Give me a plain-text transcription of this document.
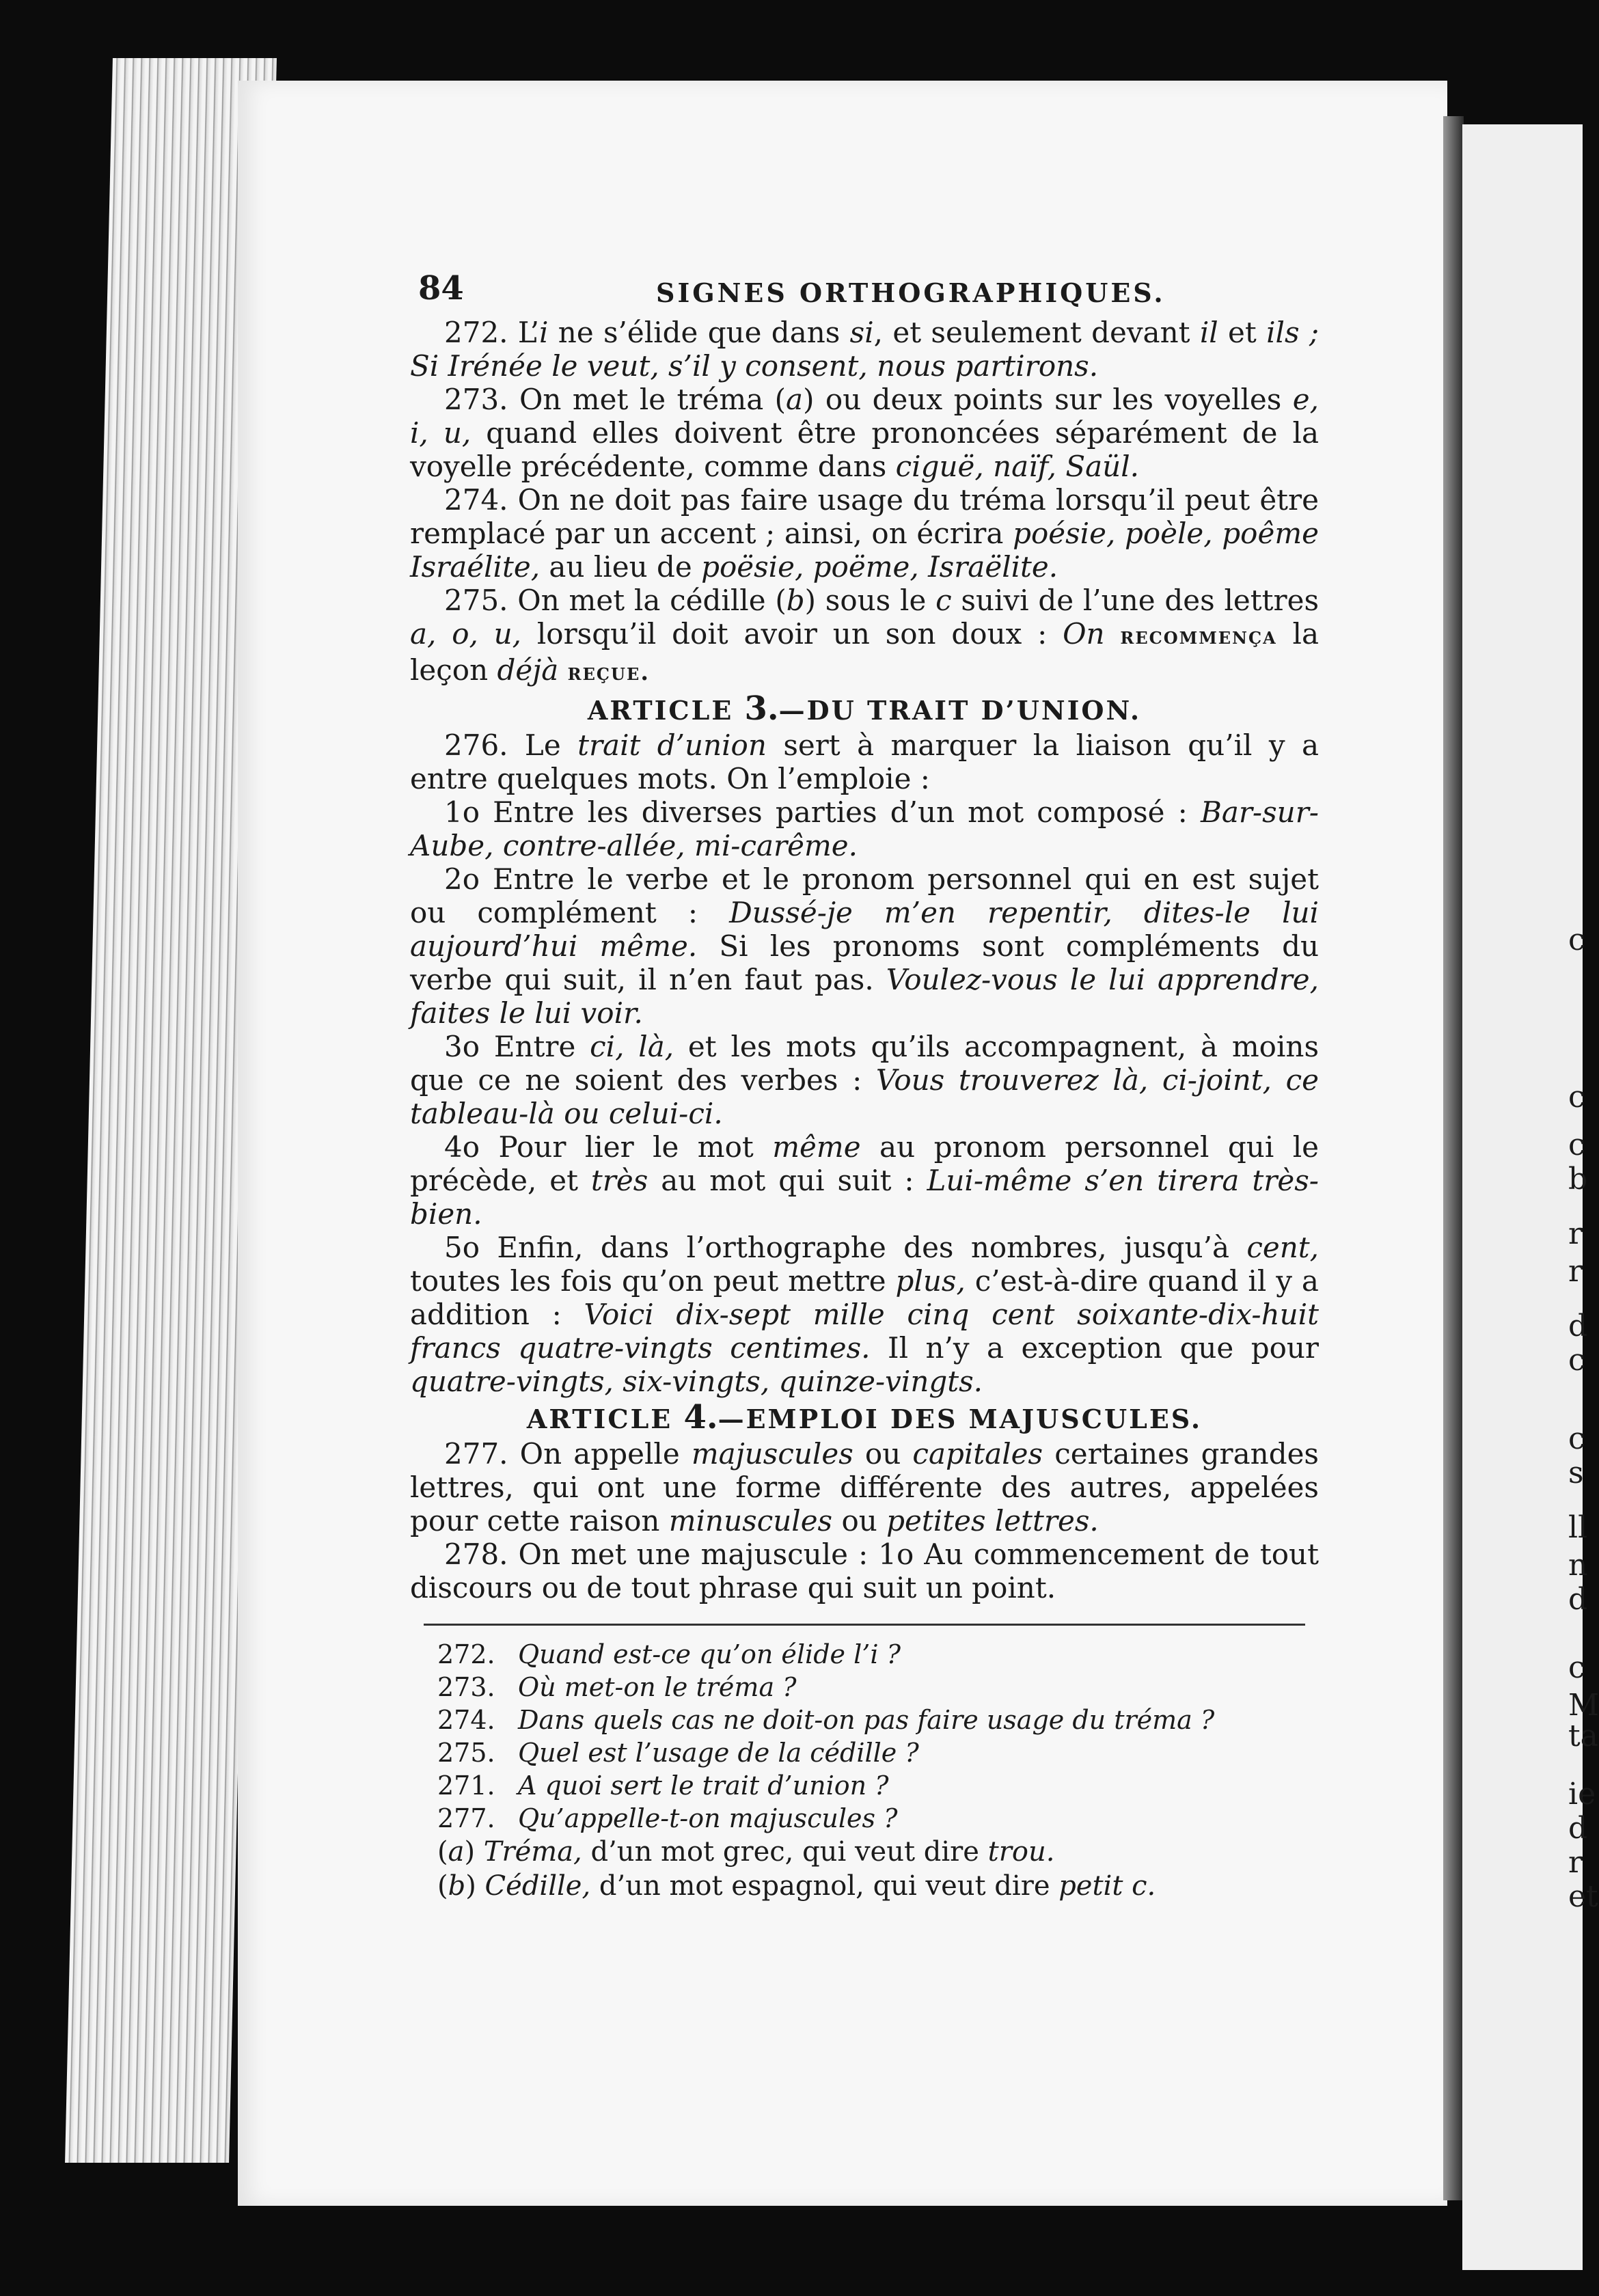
c
c
c
b
r
r
d
c
c
s
ll
n
d
c
M
ta
ie
d
r
et
84	SIGNES ORTHOGRAPHIQUES.

272. L’i ne s’élide que dans si, et seulement devant il et ils ; Si Irénée le veut, s’il y consent, nous partirons.

273. On met le tréma (a) ou deux points sur les voyelles e, i, u, quand elles doivent être prononcées séparément de la voyelle précédente, comme dans ciguë, naïf, Saül.

274. On ne doit pas faire usage du tréma lorsqu’il peut être remplacé par un accent ; ainsi, on écrira poésie, poèle, poême Israélite, au lieu de poësie, poëme, Israëlite.

275. On met la cédille (b) sous le c suivi de l’une des lettres a, o, u, lorsqu’il doit avoir un son doux : On recommença la leçon déjà reçue.

ARTICLE 3.—DU TRAIT D’UNION.

276. Le trait d’union sert à marquer la liaison qu’il y a entre quelques mots. On l’emploie :

1o Entre les diverses parties d’un mot composé : Bar-sur-Aube, contre-allée, mi-carême.

2o Entre le verbe et le pronom personnel qui en est sujet ou complément : Dussé-je m’en repentir, dites-le lui aujourd’hui même. Si les pronoms sont compléments du verbe qui suit, il n’en faut pas. Voulez-vous le lui apprendre, faites le lui voir.

3o Entre ci, là, et les mots qu’ils accompagnent, à moins que ce ne soient des verbes : Vous trouverez là, ci-joint, ce tableau-là ou celui-ci.

4o Pour lier le mot même au pronom personnel qui le précède, et très au mot qui suit : Lui-même s’en tirera très-bien.

5o Enfin, dans l’orthographe des nombres, jusqu’à cent, toutes les fois qu’on peut mettre plus, c’est-à-dire quand il y a addition : Voici dix-sept mille cinq cent soixante-dix-huit francs quatre-vingts centimes. Il n’y a exception que pour quatre-vingts, six-vingts, quinze-vingts.

ARTICLE 4.—EMPLOI DES MAJUSCULES.

277. On appelle majuscules ou capitales certaines grandes lettres, qui ont une forme différente des autres, appelées pour cette raison minuscules ou petites lettres.

278. On met une majuscule : 1o Au commencement de tout discours ou de tout phrase qui suit un point.

272. Quand est-ce qu’on élide l’i ?
273. Où met-on le tréma ?
274. Dans quels cas ne doit-on pas faire usage du tréma ?
275. Quel est l’usage de la cédille ?
271. A quoi sert le trait d’union ?
277. Qu’appelle-t-on majuscules ?
(a) Tréma, d’un mot grec, qui veut dire trou.
(b) Cédille, d’un mot espagnol, qui veut dire petit c.
